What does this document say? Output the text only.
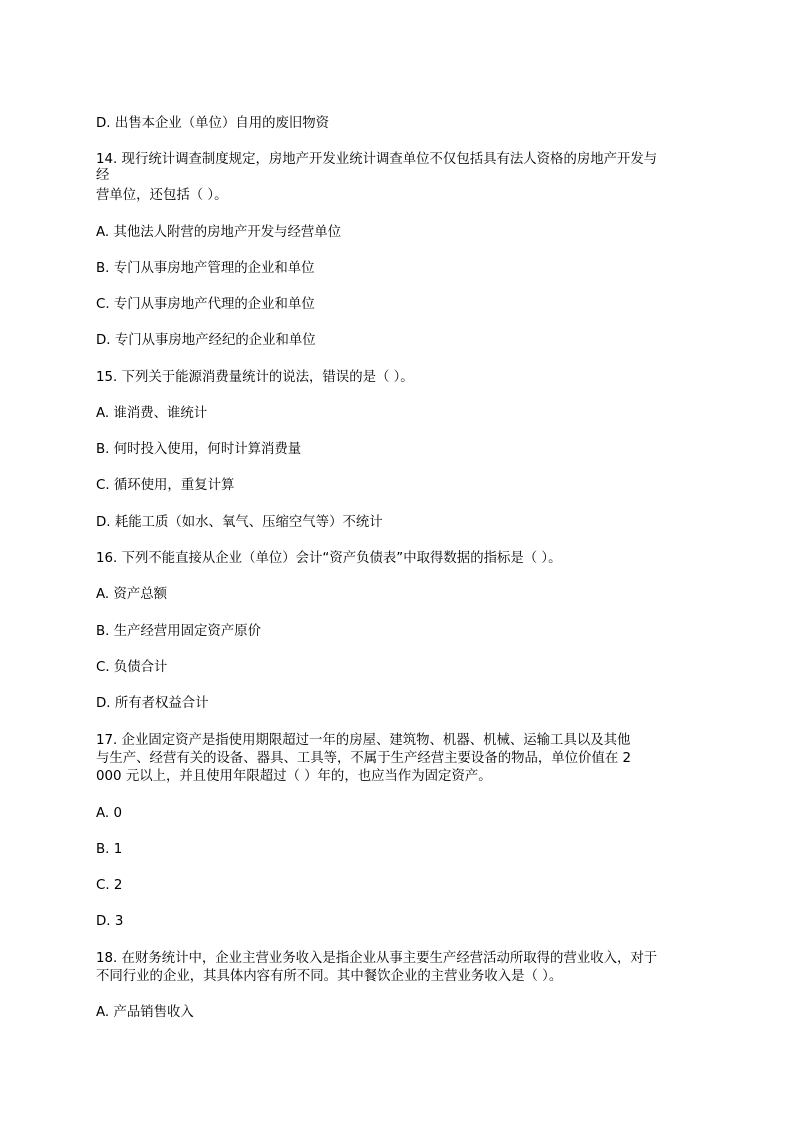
D. 出售本企业（单位）自用的废旧物资
14. 现行统计调查制度规定，房地产开发业统计调查单位不仅包括具有法人资格的房地产开发与
经
营单位，还包括（ ）。
A. 其他法人附营的房地产开发与经营单位
B. 专门从事房地产管理的企业和单位
C. 专门从事房地产代理的企业和单位
D. 专门从事房地产经纪的企业和单位
15. 下列关于能源消费量统计的说法，错误的是（ ）。
A. 谁消费、谁统计
B. 何时投入使用，何时计算消费量
C. 循环使用，重复计算
D. 耗能工质（如水、氧气、压缩空气等）不统计
16. 下列不能直接从企业（单位）会计“资产负债表”中取得数据的指标是（ ）。
A. 资产总额
B. 生产经营用固定资产原价
C. 负债合计
D. 所有者权益合计
17. 企业固定资产是指使用期限超过一年的房屋、建筑物、机器、机械、运输工具以及其他
与生产、经营有关的设备、器具、工具等，不属于生产经营主要设备的物品，单位价值在 2
000 元以上，并且使用年限超过（ ）年的，也应当作为固定资产。
A. 0
B. 1
C. 2
D. 3
18. 在财务统计中，企业主营业务收入是指企业从事主要生产经营活动所取得的营业收入，对于
不同行业的企业，其具体内容有所不同。其中餐饮企业的主营业务收入是（ ）。
A. 产品销售收入
